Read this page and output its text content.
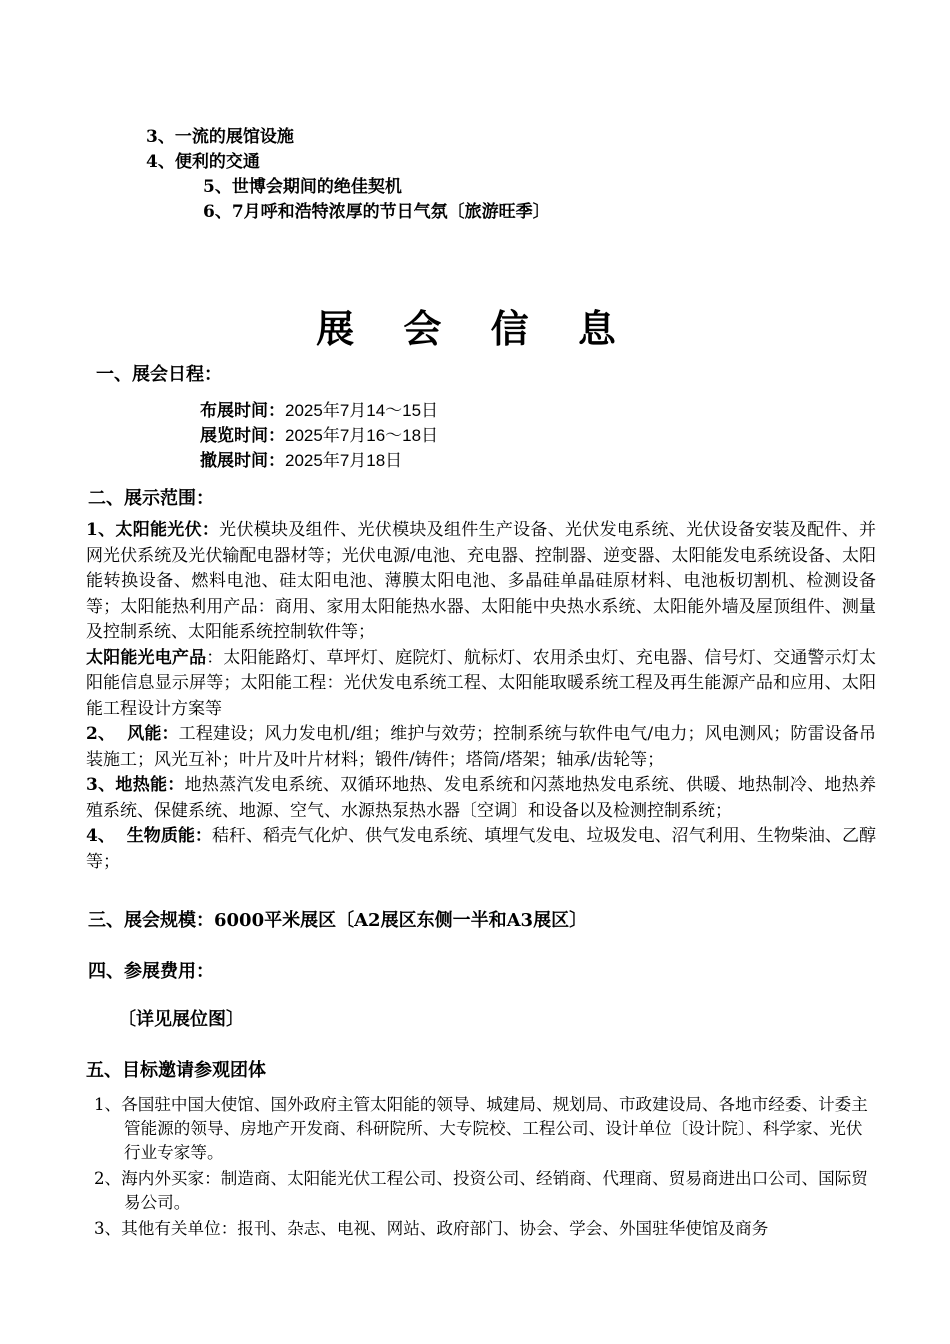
3、一流的展馆设施
4、便利的交通
5、世博会期间的绝佳契机
6、7月呼和浩特浓厚的节日气氛〔旅游旺季〕
展 会 信 息
一、展会日程：
布展时间：2025年7月14～15日
展览时间：2025年7月16～18日
撤展时间：2025年7月18日
二、展示范围：
1、太阳能光伏：光伏模块及组件、光伏模块及组件生产设备、光伏发电系统、光伏设备安装及配件、并网光伏系统及光伏输配电器材等；光伏电源/电池、充电器、控制器、逆变器、太阳能发电系统设备、太阳能转换设备、燃料电池、硅太阳电池、薄膜太阳电池、多晶硅单晶硅原材料、电池板切割机、检测设备等；太阳能热利用产品：商用、家用太阳能热水器、太阳能中央热水系统、太阳能外墙及屋顶组件、测量及控制系统、太阳能系统控制软件等；
太阳能光电产品：太阳能路灯、草坪灯、庭院灯、航标灯、农用杀虫灯、充电器、信号灯、交通警示灯太阳能信息显示屏等；太阳能工程：光伏发电系统工程、太阳能取暖系统工程及再生能源产品和应用、太阳能工程设计方案等
2、  风能：工程建设；风力发电机/组；维护与效劳；控制系统与软件电气/电力；风电测风；防雷设备吊装施工；风光互补；叶片及叶片材料；锻件/铸件；塔筒/塔架；轴承/齿轮等；
3、地热能：地热蒸汽发电系统、双循环地热、发电系统和闪蒸地热发电系统、供暖、地热制冷、地热养殖系统、保健系统、地源、空气、水源热泵热水器〔空调〕和设备以及检测控制系统；
4、  生物质能：秸秆、稻壳气化炉、供气发电系统、填埋气发电、垃圾发电、沼气利用、生物柴油、乙醇等；
三、展会规模：6000平米展区〔A2展区东侧一半和A3展区〕
四、参展费用：
〔详见展位图〕
五、目标邀请参观团体
1、各国驻中国大使馆、国外政府主管太阳能的领导、城建局、规划局、市政建设局、各地市经委、计委主管能源的领导、房地产开发商、科研院所、大专院校、工程公司、设计单位〔设计院〕、科学家、光伏行业专家等。
2、海内外买家：制造商、太阳能光伏工程公司、投资公司、经销商、代理商、贸易商进出口公司、国际贸易公司。
3、其他有关单位：报刊、杂志、电视、网站、政府部门、协会、学会、外国驻华使馆及商务
